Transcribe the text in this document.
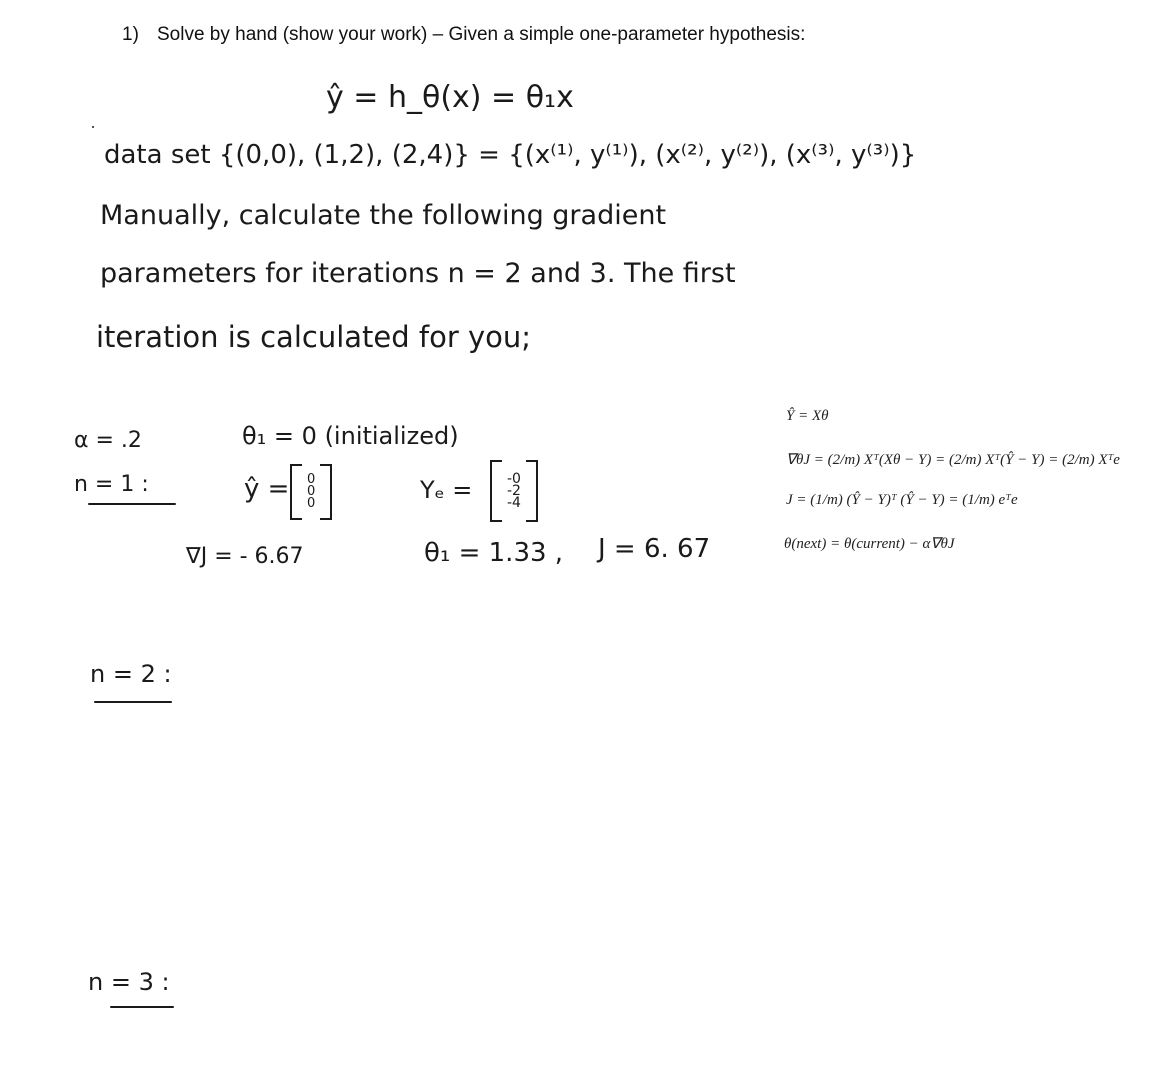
1) Solve by hand (show your work) – Given a simple one-parameter hypothesis:
ŷ = h_θ(x) = θ₁x
data set {(0,0), (1,2), (2,4)} = {(x⁽¹⁾, y⁽¹⁾), (x⁽²⁾, y⁽²⁾), (x⁽³⁾, y⁽³⁾)}
Manually, calculate the following gradient
parameters for iterations n = 2 and 3. The first
iteration is calculated for you;
α = .2	θ₁ = 0 (initialized)
n = 1 :	ŷ = 0
0
0	Yₑ = -0
-2
-4
∇J = - 6.67	θ₁ = 1.33 , J = 6. 67
Ŷ = Xθ
∇θJ = (2/m) Xᵀ(Xθ − Y) = (2/m) Xᵀ(Ŷ − Y) = (2/m) Xᵀe
J = (1/m) (Ŷ − Y)ᵀ (Ŷ − Y) = (1/m) eᵀe
θ(next) = θ(current) − α∇θJ
n = 2 :
n = 3 :
